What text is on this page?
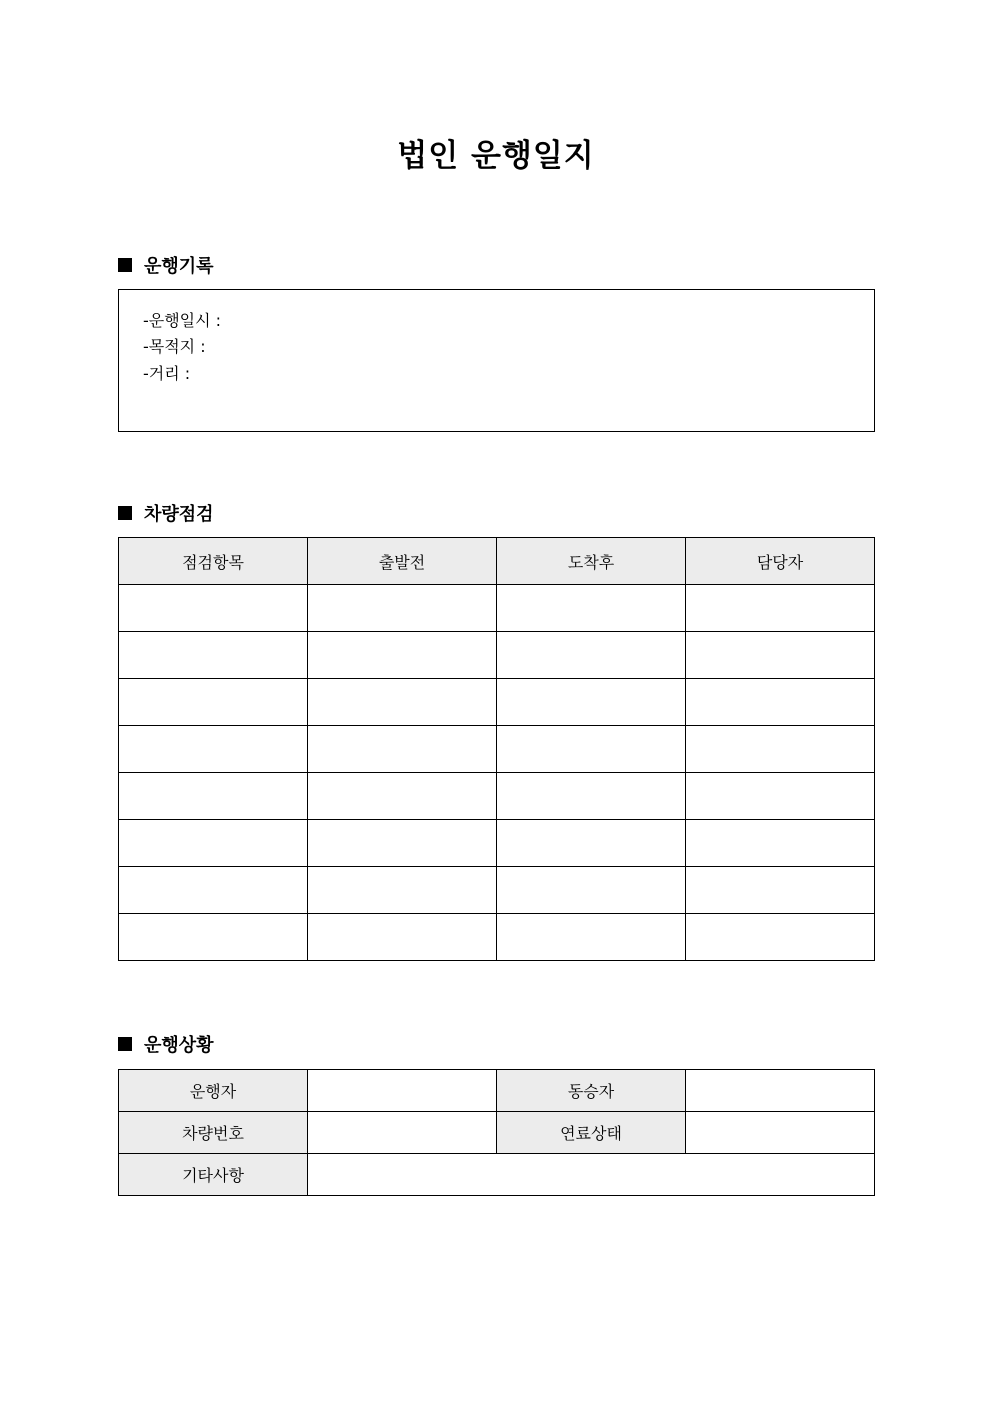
법인 운행일지
운행기록
-운행일시 :
-목적지 :
-거리 :
차량점검
점검항목	출발전	도착후	담당자

운행상황
운행자		동승자	
차량번호		연료상태	
기타사항			
